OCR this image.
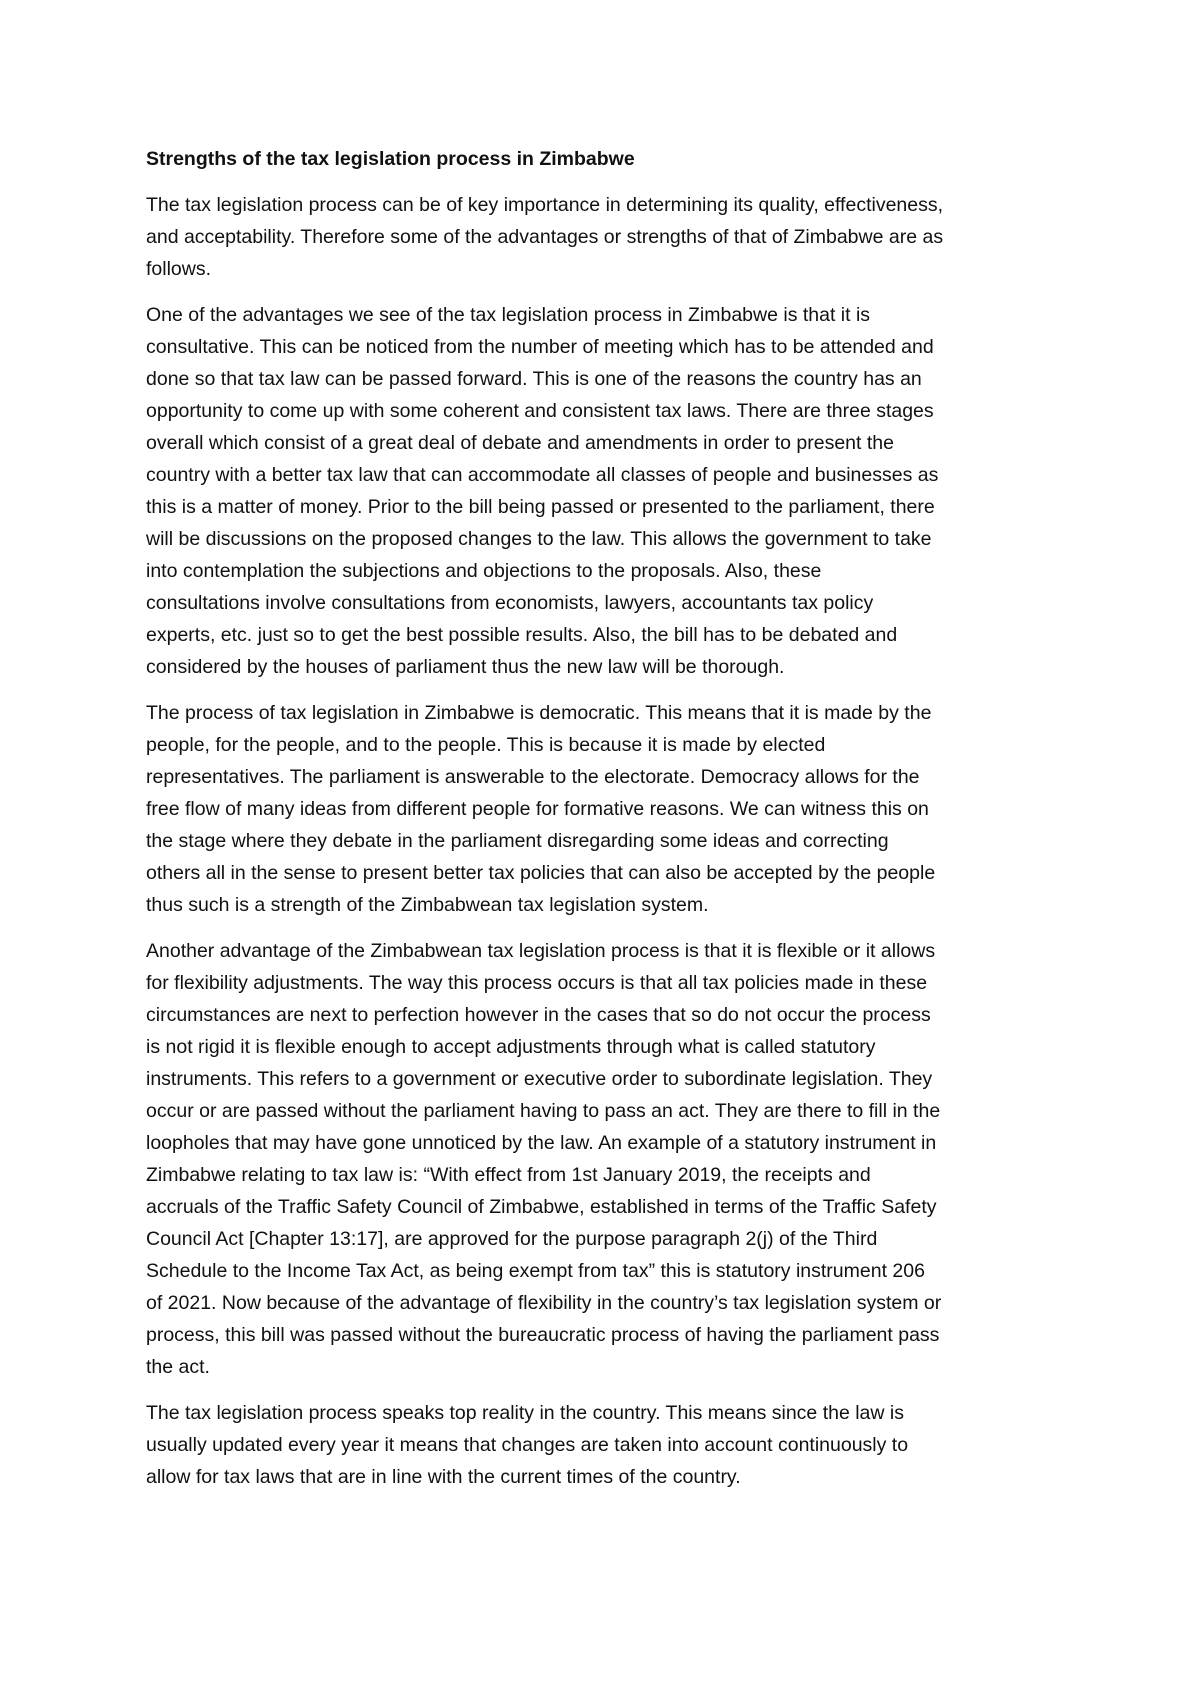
Strengths of the tax legislation process in Zimbabwe
The tax legislation process can be of key importance in determining its quality, effectiveness,
and acceptability. Therefore some of the advantages or strengths of that of Zimbabwe are as
follows.
One of the advantages we see of the tax legislation process in Zimbabwe is that it is
consultative. This can be noticed from the number of meeting which has to be attended and
done so that tax law can be passed forward. This is one of the reasons the country has an
opportunity to come up with some coherent and consistent tax laws. There are three stages
overall which consist of a great deal of debate and amendments in order to present the
country with a better tax law that can accommodate all classes of people and businesses as
this is a matter of money. Prior to the bill being passed or presented to the parliament, there
will be discussions on the proposed changes to the law. This allows the government to take
into contemplation the subjections and objections to the proposals. Also, these
consultations involve consultations from economists, lawyers, accountants tax policy
experts, etc. just so to get the best possible results. Also, the bill has to be debated and
considered by the houses of parliament thus the new law will be thorough.
The process of tax legislation in Zimbabwe is democratic. This means that it is made by the
people, for the people, and to the people. This is because it is made by elected
representatives. The parliament is answerable to the electorate. Democracy allows for the
free flow of many ideas from different people for formative reasons. We can witness this on
the stage where they debate in the parliament disregarding some ideas and correcting
others all in the sense to present better tax policies that can also be accepted by the people
thus such is a strength of the Zimbabwean tax legislation system.
Another advantage of the Zimbabwean tax legislation process is that it is flexible or it allows
for flexibility adjustments. The way this process occurs is that all tax policies made in these
circumstances are next to perfection however in the cases that so do not occur the process
is not rigid it is flexible enough to accept adjustments through what is called statutory
instruments. This refers to a government or executive order to subordinate legislation. They
occur or are passed without the parliament having to pass an act. They are there to fill in the
loopholes that may have gone unnoticed by the law. An example of a statutory instrument in
Zimbabwe relating to tax law is: “With effect from 1st January 2019, the receipts and
accruals of the Traffic Safety Council of Zimbabwe, established in terms of the Traffic Safety
Council Act [Chapter 13:17], are approved for the purpose paragraph 2(j) of the Third
Schedule to the Income Tax Act, as being exempt from tax” this is statutory instrument 206
of 2021. Now because of the advantage of flexibility in the country’s tax legislation system or
process, this bill was passed without the bureaucratic process of having the parliament pass
the act.
The tax legislation process speaks top reality in the country. This means since the law is
usually updated every year it means that changes are taken into account continuously to
allow for tax laws that are in line with the current times of the country.
